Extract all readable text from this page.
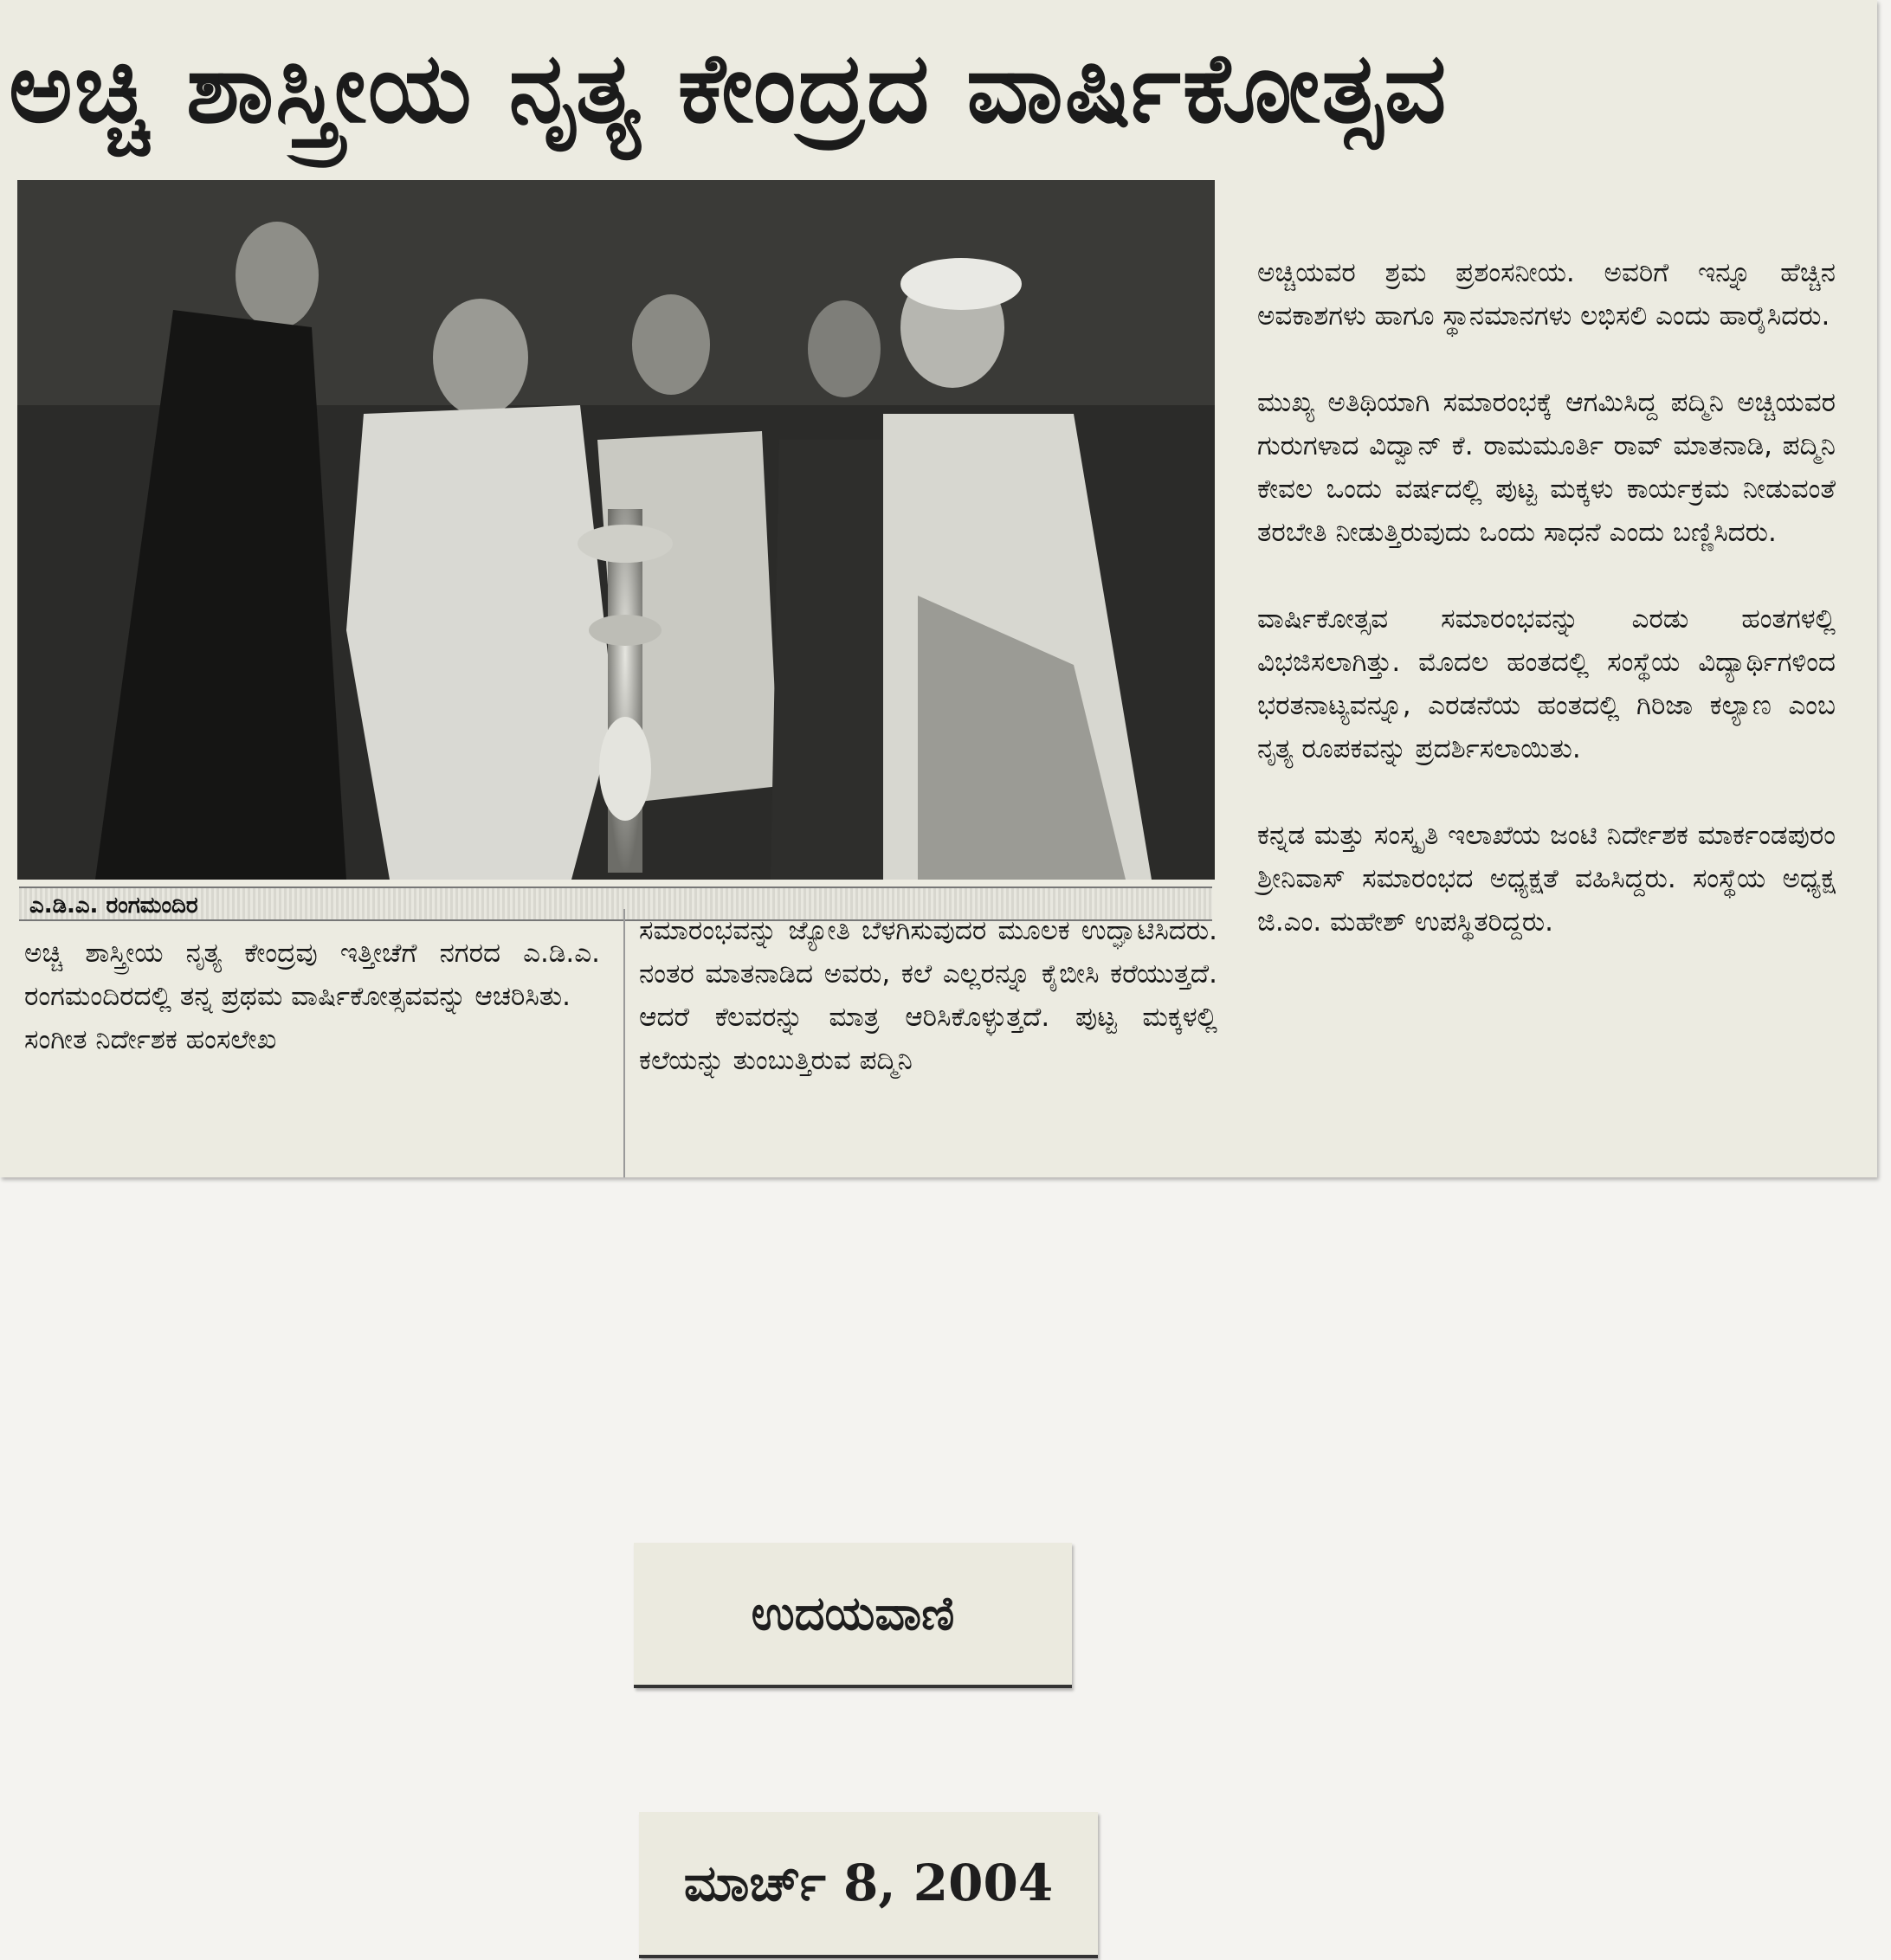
ಅಚ್ಚಿ ಶಾಸ್ತ್ರೀಯ ನೃತ್ಯ ಕೇಂದ್ರದ ವಾರ್ಷಿಕೋತ್ಸವ
ಎ.ಡಿ.ಎ. ರಂಗಮಂದಿರ
ಅಚ್ಚಿ ಶಾಸ್ತ್ರೀಯ ನೃತ್ಯ ಕೇಂದ್ರವು ಇತ್ತೀಚೆಗೆ ನಗರದ ಎ.ಡಿ.ಎ. ರಂಗಮಂದಿರದಲ್ಲಿ ತನ್ನ ಪ್ರಥಮ ವಾರ್ಷಿಕೋತ್ಸವವನ್ನು ಆಚರಿಸಿತು.
ಸಂಗೀತ ನಿರ್ದೇಶಕ ಹಂಸಲೇಖ
ಸಮಾರಂಭವನ್ನು ಜ್ಯೋತಿ ಬೆಳಗಿಸುವುದರ ಮೂಲಕ ಉದ್ಘಾಟಿಸಿದರು. ನಂತರ ಮಾತನಾಡಿದ ಅವರು, ಕಲೆ ಎಲ್ಲರನ್ನೂ ಕೈಬೀಸಿ ಕರೆಯುತ್ತದೆ. ಆದರೆ ಕೆಲವರನ್ನು ಮಾತ್ರ ಆರಿಸಿಕೊಳ್ಳುತ್ತದೆ. ಪುಟ್ಟ ಮಕ್ಕಳಲ್ಲಿ ಕಲೆಯನ್ನು ತುಂಬುತ್ತಿರುವ ಪದ್ಮಿನಿ

ಅಚ್ಚಿಯವರ ಶ್ರಮ ಪ್ರಶಂಸನೀಯ. ಅವರಿಗೆ ಇನ್ನೂ ಹೆಚ್ಚಿನ ಅವಕಾಶಗಳು ಹಾಗೂ ಸ್ಥಾನಮಾನಗಳು ಲಭಿಸಲಿ ಎಂದು ಹಾರೈಸಿದರು.

ಮುಖ್ಯ ಅತಿಥಿಯಾಗಿ ಸಮಾರಂಭಕ್ಕೆ ಆಗಮಿಸಿದ್ದ ಪದ್ಮಿನಿ ಅಚ್ಚಿಯವರ ಗುರುಗಳಾದ ವಿದ್ವಾನ್ ಕೆ. ರಾಮಮೂರ್ತಿ ರಾವ್ ಮಾತನಾಡಿ, ಪದ್ಮಿನಿ ಕೇವಲ ಒಂದು ವರ್ಷದಲ್ಲಿ ಪುಟ್ಟ ಮಕ್ಕಳು ಕಾರ್ಯಕ್ರಮ ನೀಡುವಂತೆ ತರಬೇತಿ ನೀಡುತ್ತಿರುವುದು ಒಂದು ಸಾಧನೆ ಎಂದು ಬಣ್ಣಿಸಿದರು.

ವಾರ್ಷಿಕೋತ್ಸವ ಸಮಾರಂಭವನ್ನು ಎರಡು ಹಂತಗಳಲ್ಲಿ ವಿಭಜಿಸಲಾಗಿತ್ತು. ಮೊದಲ ಹಂತದಲ್ಲಿ ಸಂಸ್ಥೆಯ ವಿದ್ಯಾರ್ಥಿಗಳಿಂದ ಭರತನಾಟ್ಯವನ್ನೂ, ಎರಡನೆಯ ಹಂತದಲ್ಲಿ ಗಿರಿಜಾ ಕಲ್ಯಾಣ ಎಂಬ ನೃತ್ಯ ರೂಪಕವನ್ನು ಪ್ರದರ್ಶಿಸಲಾಯಿತು.

ಕನ್ನಡ ಮತ್ತು ಸಂಸ್ಕೃತಿ ಇಲಾಖೆಯ ಜಂಟಿ ನಿರ್ದೇಶಕ ಮಾರ್ಕಂಡಪುರಂ ಶ್ರೀನಿವಾಸ್ ಸಮಾರಂಭದ ಅಧ್ಯಕ್ಷತೆ ವಹಿಸಿದ್ದರು. ಸಂಸ್ಥೆಯ ಅಧ್ಯಕ್ಷ ಜಿ.ಎಂ. ಮಹೇಶ್ ಉಪಸ್ಥಿತರಿದ್ದರು.

ಉದಯವಾಣಿ
ಮಾರ್ಚ್ 8, 2004
